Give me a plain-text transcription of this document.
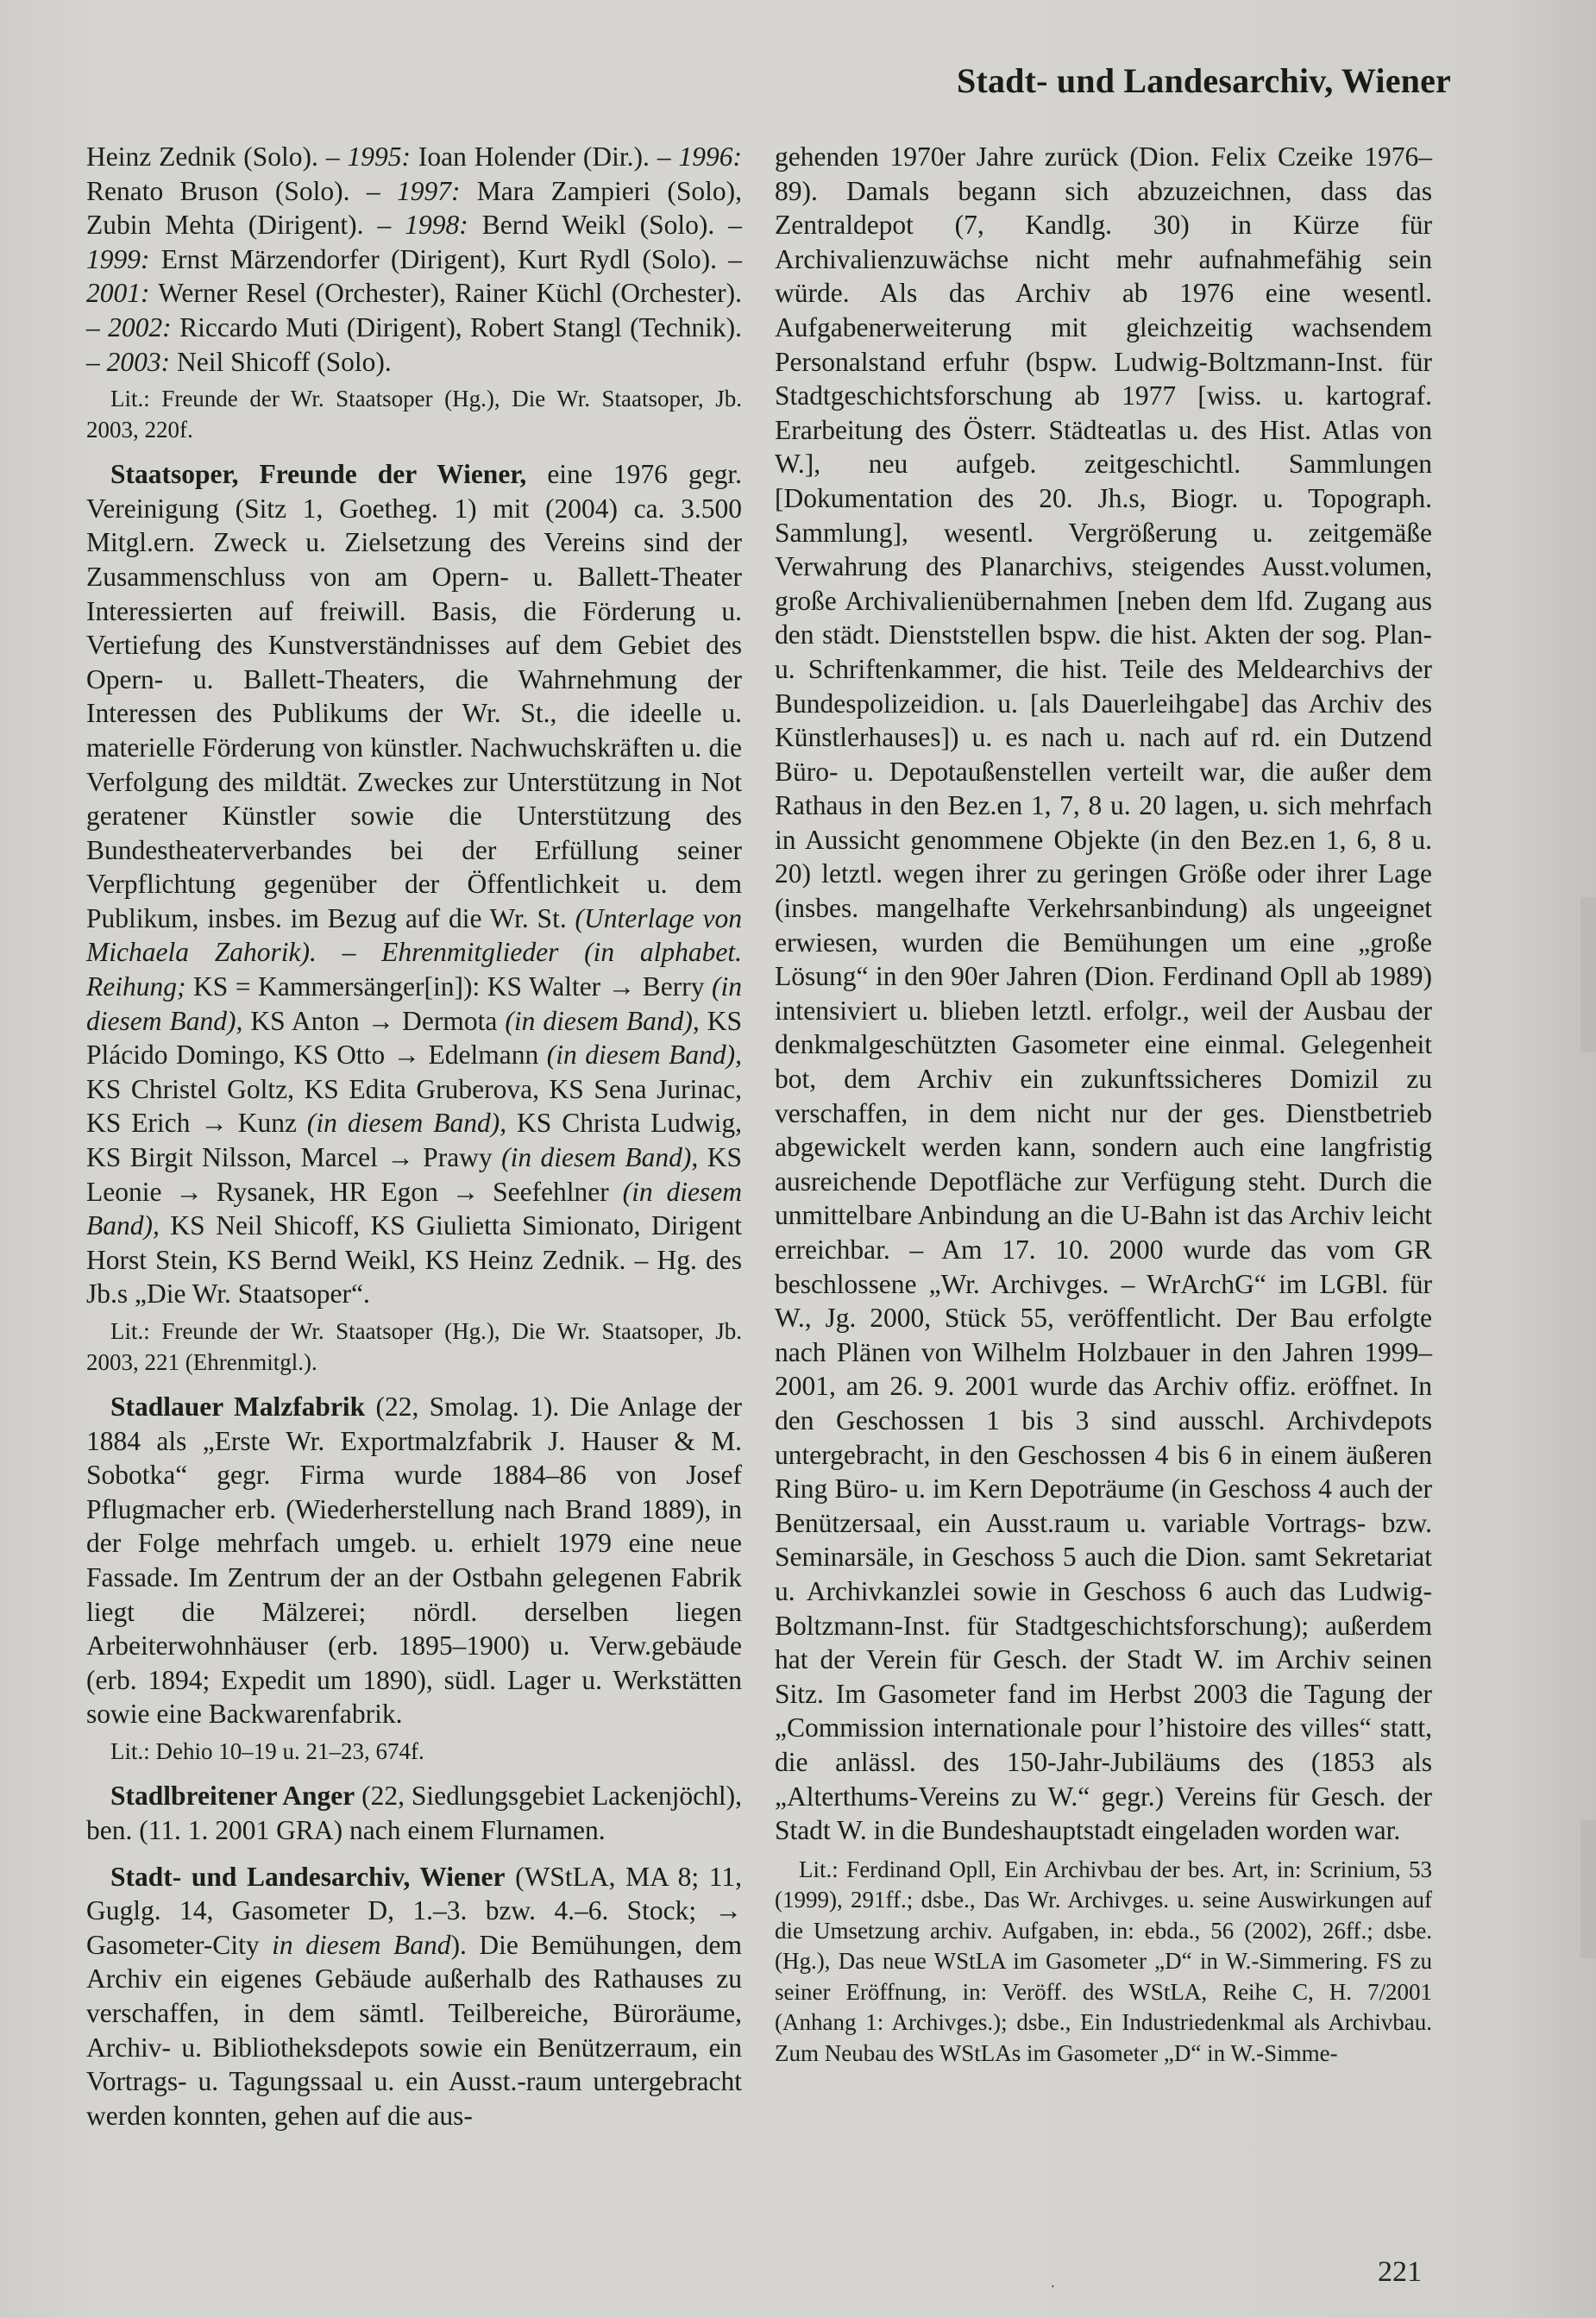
Stadt- und Landesarchiv, Wiener

Heinz Zednik (Solo). – 1995: Ioan Holender (Dir.). – 1996: Renato Bruson (Solo). – 1997: Mara Zampieri (Solo), Zubin Mehta (Dirigent). – 1998: Bernd Weikl (Solo). – 1999: Ernst Märzendorfer (Dirigent), Kurt Rydl (Solo). – 2001: Werner Resel (Orchester), Rainer Küchl (Orchester). – 2002: Riccardo Muti (Dirigent), Robert Stangl (Technik). – 2003: Neil Shicoff (Solo).

Lit.: Freunde der Wr. Staatsoper (Hg.), Die Wr. Staatsoper, Jb. 2003, 220f.

Staatsoper, Freunde der Wiener, eine 1976 gegr. Vereinigung (Sitz 1, Goetheg. 1) mit (2004) ca. 3.500 Mitgl.ern. Zweck u. Zielsetzung des Vereins sind der Zusammenschluss von am Opern- u. Ballett-Theater Interessierten auf freiwill. Basis, die Förderung u. Vertiefung des Kunstverständnisses auf dem Gebiet des Opern- u. Ballett-Theaters, die Wahrnehmung der Interessen des Publikums der Wr. St., die ideelle u. materielle Förderung von künstler. Nachwuchskräften u. die Verfolgung des mildtät. Zweckes zur Unterstützung in Not geratener Künstler sowie die Unterstützung des Bundestheaterverbandes bei der Erfüllung seiner Verpflichtung gegenüber der Öffentlichkeit u. dem Publikum, insbes. im Bezug auf die Wr. St. (Unterlage von Michaela Zahorik). – Ehrenmitglieder (in alphabet. Reihung; KS = Kammersänger[in]): KS Walter → Berry (in diesem Band), KS Anton → Dermota (in diesem Band), KS Plácido Domingo, KS Otto → Edelmann (in diesem Band), KS Christel Goltz, KS Edita Gruberova, KS Sena Jurinac, KS Erich → Kunz (in diesem Band), KS Christa Ludwig, KS Birgit Nilsson, Marcel → Prawy (in diesem Band), KS Leonie → Rysanek, HR Egon → Seefehlner (in diesem Band), KS Neil Shicoff, KS Giulietta Simionato, Dirigent Horst Stein, KS Bernd Weikl, KS Heinz Zednik. – Hg. des Jb.s „Die Wr. Staatsoper“.

Lit.: Freunde der Wr. Staatsoper (Hg.), Die Wr. Staatsoper, Jb. 2003, 221 (Ehrenmitgl.).

Stadlauer Malzfabrik (22, Smolag. 1). Die Anlage der 1884 als „Erste Wr. Exportmalzfabrik J. Hauser & M. Sobotka“ gegr. Firma wurde 1884–86 von Josef Pflugmacher erb. (Wiederherstellung nach Brand 1889), in der Folge mehrfach umgeb. u. erhielt 1979 eine neue Fassade. Im Zentrum der an der Ostbahn gelegenen Fabrik liegt die Mälzerei; nördl. derselben liegen Arbeiterwohnhäuser (erb. 1895–1900) u. Verw.gebäude (erb. 1894; Expedit um 1890), südl. Lager u. Werkstätten sowie eine Backwarenfabrik.

Lit.: Dehio 10–19 u. 21–23, 674f.

Stadlbreitener Anger (22, Siedlungsgebiet Lackenjöchl), ben. (11. 1. 2001 GRA) nach einem Flurnamen.

Stadt- und Landesarchiv, Wiener (WStLA, MA 8; 11, Guglg. 14, Gasometer D, 1.–3. bzw. 4.–6. Stock; → Gasometer-City in diesem Band). Die Bemühungen, dem Archiv ein eigenes Gebäude außerhalb des Rathauses zu verschaffen, in dem sämtl. Teilbereiche, Büroräume, Archiv- u. Bibliotheksdepots sowie ein Benützerraum, ein Vortrags- u. Tagungssaal u. ein Ausst.-raum untergebracht werden konnten, gehen auf die aus-

gehenden 1970er Jahre zurück (Dion. Felix Czeike 1976–89). Damals begann sich abzuzeichnen, dass das Zentraldepot (7, Kandlg. 30) in Kürze für Archivalienzuwächse nicht mehr aufnahmefähig sein würde. Als das Archiv ab 1976 eine wesentl. Aufgabenerweiterung mit gleichzeitig wachsendem Personalstand erfuhr (bspw. Ludwig-Boltzmann-Inst. für Stadtgeschichtsforschung ab 1977 [wiss. u. kartograf. Erarbeitung des Österr. Städteatlas u. des Hist. Atlas von W.], neu aufgeb. zeitgeschichtl. Sammlungen [Dokumentation des 20. Jh.s, Biogr. u. Topograph. Sammlung], wesentl. Vergrößerung u. zeitgemäße Verwahrung des Planarchivs, steigendes Ausst.volumen, große Archivalienübernahmen [neben dem lfd. Zugang aus den städt. Dienststellen bspw. die hist. Akten der sog. Plan- u. Schriftenkammer, die hist. Teile des Meldearchivs der Bundespolizeidion. u. [als Dauerleihgabe] das Archiv des Künstlerhauses]) u. es nach u. nach auf rd. ein Dutzend Büro- u. Depotaußenstellen verteilt war, die außer dem Rathaus in den Bez.en 1, 7, 8 u. 20 lagen, u. sich mehrfach in Aussicht genommene Objekte (in den Bez.en 1, 6, 8 u. 20) letztl. wegen ihrer zu geringen Größe oder ihrer Lage (insbes. mangelhafte Verkehrsanbindung) als ungeeignet erwiesen, wurden die Bemühungen um eine „große Lösung“ in den 90er Jahren (Dion. Ferdinand Opll ab 1989) intensiviert u. blieben letztl. erfolgr., weil der Ausbau der denkmalgeschützten Gasometer eine einmal. Gelegenheit bot, dem Archiv ein zukunftssicheres Domizil zu verschaffen, in dem nicht nur der ges. Dienstbetrieb abgewickelt werden kann, sondern auch eine langfristig ausreichende Depotfläche zur Verfügung steht. Durch die unmittelbare Anbindung an die U-Bahn ist das Archiv leicht erreichbar. – Am 17. 10. 2000 wurde das vom GR beschlossene „Wr. Archivges. – WrArchG“ im LGBl. für W., Jg. 2000, Stück 55, veröffentlicht. Der Bau erfolgte nach Plänen von Wilhelm Holzbauer in den Jahren 1999–2001, am 26. 9. 2001 wurde das Archiv offiz. eröffnet. In den Geschossen 1 bis 3 sind ausschl. Archivdepots untergebracht, in den Geschossen 4 bis 6 in einem äußeren Ring Büro- u. im Kern Depoträume (in Geschoss 4 auch der Benützersaal, ein Ausst.raum u. variable Vortrags- bzw. Seminarsäle, in Geschoss 5 auch die Dion. samt Sekretariat u. Archivkanzlei sowie in Geschoss 6 auch das Ludwig-Boltzmann-Inst. für Stadtgeschichtsforschung); außerdem hat der Verein für Gesch. der Stadt W. im Archiv seinen Sitz. Im Gasometer fand im Herbst 2003 die Tagung der „Commission internationale pour l’histoire des villes“ statt, die anlässl. des 150-Jahr-Jubiläums des (1853 als „Alterthums-Vereins zu W.“ gegr.) Vereins für Gesch. der Stadt W. in die Bundeshauptstadt eingeladen worden war.

Lit.: Ferdinand Opll, Ein Archivbau der bes. Art, in: Scrinium, 53 (1999), 291ff.; dsbe., Das Wr. Archivges. u. seine Auswirkungen auf die Umsetzung archiv. Aufgaben, in: ebda., 56 (2002), 26ff.; dsbe. (Hg.), Das neue WStLA im Gasometer „D“ in W.-Simmering. FS zu seiner Eröffnung, in: Veröff. des WStLA, Reihe C, H. 7/2001 (Anhang 1: Archivges.); dsbe., Ein Industriedenkmal als Archivbau. Zum Neubau des WStLAs im Gasometer „D“ in W.-Simme-

·	221
